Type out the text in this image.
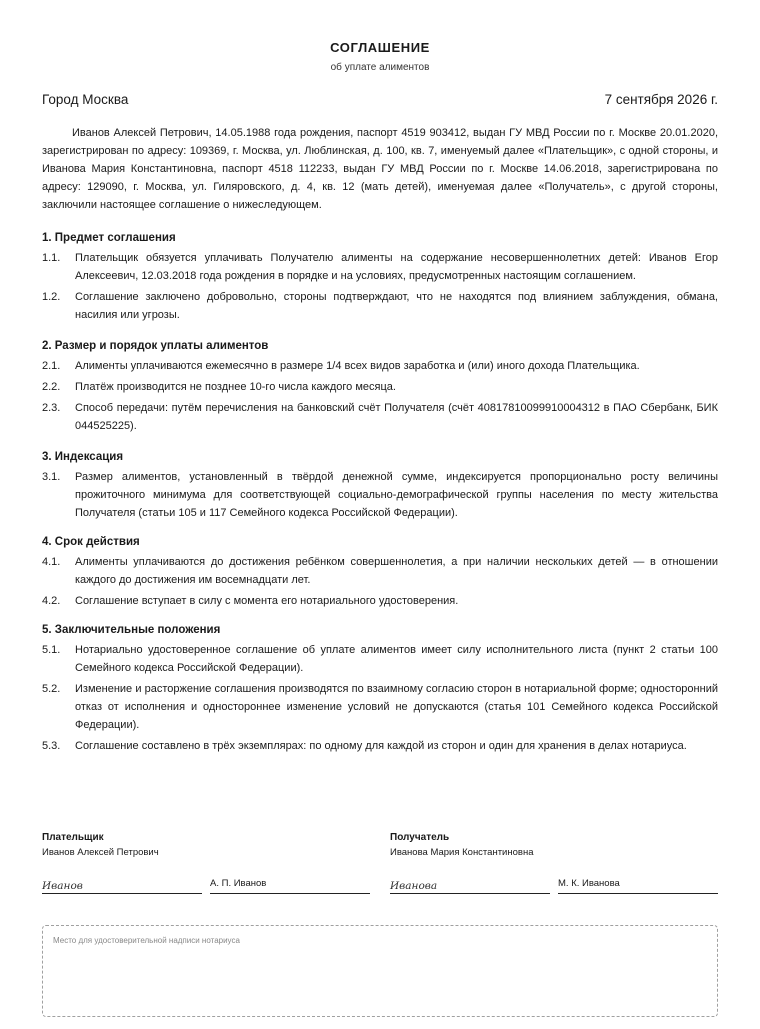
СОГЛАШЕНИЕ
об уплате алиментов
Город Москва	7 сентября 2026 г.

Иванов Алексей Петрович, 14.05.1988 года рождения, паспорт 4519 903412, выдан ГУ МВД России по г. Москве 20.01.2020, зарегистрирован по адресу: 109369, г. Москва, ул. Люблинская, д. 100, кв. 7, именуемый далее «Плательщик», с одной стороны, и Иванова Мария Константиновна, паспорт 4518 112233, выдан ГУ МВД России по г. Москве 14.06.2018, зарегистрирована по адресу: 129090, г. Москва, ул. Гиляровского, д. 4, кв. 12 (мать детей), именуемая далее «Получатель», с другой стороны, заключили настоящее соглашение о нижеследующем.

1. Предмет соглашения
1.1.	Плательщик обязуется уплачивать Получателю алименты на содержание несовершеннолетних детей: Иванов Егор Алексеевич, 12.03.2018 года рождения в порядке и на условиях, предусмотренных настоящим соглашением.
1.2.	Соглашение заключено добровольно, стороны подтверждают, что не находятся под влиянием заблуждения, обмана, насилия или угрозы.
2. Размер и порядок уплаты алиментов
2.1.	Алименты уплачиваются ежемесячно в размере 1/4 всех видов заработка и (или) иного дохода Плательщика.
2.2.	Платёж производится не позднее 10-го числа каждого месяца.
2.3.	Способ передачи: путём перечисления на банковский счёт Получателя (счёт 40817810099910004312 в ПАО Сбербанк, БИК 044525225).
3. Индексация
3.1.	Размер алиментов, установленный в твёрдой денежной сумме, индексируется пропорционально росту величины прожиточного минимума для соответствующей социально-демографической группы населения по месту жительства Получателя (статьи 105 и 117 Семейного кодекса Российской Федерации).
4. Срок действия
4.1.	Алименты уплачиваются до достижения ребёнком совершеннолетия, а при наличии нескольких детей — в отношении каждого до достижения им восемнадцати лет.
4.2.	Соглашение вступает в силу с момента его нотариального удостоверения.
5. Заключительные положения
5.1.	Нотариально удостоверенное соглашение об уплате алиментов имеет силу исполнительного листа (пункт 2 статьи 100 Семейного кодекса Российской Федерации).
5.2.	Изменение и расторжение соглашения производятся по взаимному согласию сторон в нотариальной форме; односторонний отказ от исполнения и одностороннее изменение условий не допускаются (статья 101 Семейного кодекса Российской Федерации).
5.3.	Соглашение составлено в трёх экземплярах: по одному для каждой из сторон и один для хранения в делах нотариуса.
Плательщик
Иванов Алексей Петрович
Иванов	А. П. Иванов
Получатель
Иванова Мария Константиновна
Иванова	М. К. Иванова
Место для удостоверительной надписи нотариуса
